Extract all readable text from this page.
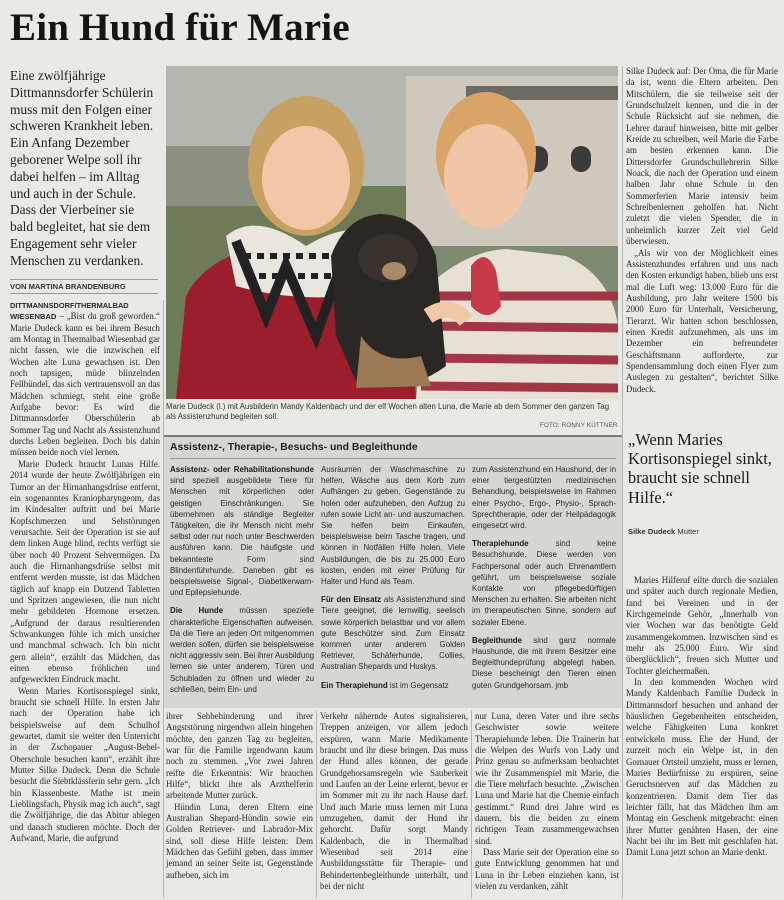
Ein Hund für Marie
Eine zwölfjährige Dittmannsdorfer Schülerin muss mit den Folgen einer schweren Krankheit leben. Ein Anfang Dezember geborener Welpe soll ihr dabei helfen – im Alltag und auch in der Schule. Dass der Vierbeiner sie bald begleitet, hat sie dem Engagement sehr vieler Menschen zu verdanken.
VON MARTINA BRANDENBURG

DITTMANNSDORF/THERMALBAD
WIESENBAD – „Bist du groß geworden.“ Marie Dudeck kann es bei ihrem Besuch am Montag in Thermalbad Wiesenbad gar nicht fassen, wie die inzwischen elf Wochen alte Luna gewachsen ist. Den noch tapsigen, müde blinzelnden Fellbündel, das sich vertrauensvoll an das Mädchen schmiegt, steht eine große Aufgabe bevor: Es wird die Dittmannsdorfer Oberschülerin ab Sommer Tag und Nacht als Assistenzhund durchs Leben begleiten. Doch bis dahin müssen beide noch viel lernen.

Marie Dudeck braucht Lunas Hilfe. 2014 wurde der heute Zwölfjährigen ein Tumor an der Hirnanhangsdrüse entfernt, ein sogenanntes Kraniopharyngeom, das im Kindesalter auftritt und bei Marie Kopfschmerzen und Sehstörungen verursachte. Seit der Operation ist sie auf dem linken Auge blind, rechts verfügt sie über noch 40 Prozent Sehvermögen. Da auch die Hirnanhangsdrüse selbst mit entfernt werden musste, ist das Mädchen täglich auf knapp ein Dutzend Tabletten und Spritzen angewiesen, die nun nicht mehr gebildeten Hormone ersetzen. „Aufgrund der daraus resultierenden Schwankungen fühle ich mich unsicher und manchmal schwach. Ich bin nicht gern allein“, erzählt das Mädchen, das einen ebenso fröhlichen und aufgeweckten Eindruck macht.

Wenn Maries Kortisonspiegel sinkt, braucht sie schnell Hilfe. In ersten Jahr nach der Operation habe ich beispielsweise auf dem Schulhof gewartet, damit sie weiter den Unterricht in der Zschopauer „August-Bebel-Oberschule besuchen kann“, erzählt ihre Mutter Silke Dudeck. Denn die Schule besucht die Siebtklässlerin sehr gern. „Ich bin Klassenbeste. Mathe ist mein Lieblingsfach, Physik mag ich auch“, sagt die Zwölfjährige, die das Abitur ablegen und danach studieren möchte. Doch der Aufwand, Marie, die aufgrund

Marie Dudeck (l.) mit Ausbilderin Mandy Kaldenbach und der elf Wochen alten Luna, die Marie ab dem Sommer den ganzen Tag als Assistenzhund begleiten soll.
FOTO: RONNY KÜTTNER

Silke Dudeck auf: Der Oma, die für Marie da ist, wenn die Eltern arbeiten. Den Mitschülern, die sie teilweise seit der Grundschulzeit kennen, und die in der Schule Rücksicht auf sie nehmen, die Lehrer darauf hinweisen, bitte mit gelber Kreide zu schreiben, weil Marie die Farbe am besten erkennen kann. Die Dittersdorfer Grundschullehrerin Silke Noack, die nach der Operation und einem halben Jahr ohne Schule in den Sommerferien Marie intensiv beim Schreibenlernen geholfen hat. Nicht zuletzt die vielen Spender, die in unheimlich kurzer Zeit viel Geld überwiesen.

„Als wir von der Möglichkeit eines Assistenzhundes erfahren und uns nach den Kosten erkundigt haben, blieb uns erst mal die Luft weg: 13.000 Euro für die Ausbildung, pro Jahr weitere 1500 bis 2000 Euro für Unterhalt, Versicherung, Tierarzt. Wir hatten schon beschlossen, einen Kredit aufzunehmen, als uns im Dezember ein befreundeter Geschäftsmann aufforderte, zur Spendensammlung doch einen Flyer zum Auslegen zu gestalten“, berichtet Silke Dudeck.

Assistenz-, Therapie-, Besuchs- und Begleithunde

Assistenz- oder Rehabilitationshunde sind speziell ausgebildete Tiere für Menschen mit körperlichen oder geistigen Einschränkungen. Sie übernehmen als ständige Begleiter Tätigkeiten, die ihr Mensch nicht mehr selbst oder nur noch unter Beschwerden ausführen kann. Die häufigste und bekannteste Form sind Blindenführhunde. Daneben gibt es beispielsweise Signal-, Diabetikerwarn- und Epilepsiehunde.

Die Hunde müssen spezielle charakterliche Eigenschaften aufweisen. Da die Tiere an jeden Ort mitgenommen werden sollen, dürfen sie beispielsweise nicht aggressiv sein. Bei ihrer Ausbildung lernen sie unter anderem, Türen und Schubladen zu öffnen und wieder zu schließen, beim Ein- und

Ausräumen der Waschmaschine zu helfen, Wäsche aus dem Korb zum Aufhängen zu geben, Gegenstände zu holen oder aufzuheben, den Aufzug zu rufen sowie Licht an- und auszumachen. Sie helfen beim Einkaufen, beispielsweise beim Tasche tragen, und können in Notfällen Hilfe holen. Viele Ausbildungen, die bis zu 25.000 Euro kosten, enden mit einer Prüfung für Halter und Hund als Team.

Für den Einsatz als Assistenzhund sind Tiere geeignet, die lernwillig, seelisch sowie körperlich belastbar und vor allem gute Beschützer sind. Zum Einsatz kommen unter anderem Golden Retriever, Schäferhunde, Collies, Australian Shepards und Huskys.

Ein Therapiehund ist im Gegensatz

zum Assistenzhund ein Haushund, der in einer tiergestützten medizinischen Behandlung, beispielsweise im Rahmen einer Psycho-, Ergo-, Physio-, Sprach-Sprechtherapie, oder der Heilpädagogik eingesetzt wird.

Therapiehunde sind keine Besuchshunde. Diese werden von Fachpersonal oder auch Ehrenamtlern geführt, um beispielsweise soziale Kontakte von pflegebedürftigen Menschen zu erhalten. Sie arbeiten nicht im therapeutischen Sinne, sondern auf sozialer Ebene.

Begleithunde sind ganz normale Haushunde, die mit ihrem Besitzer eine Begleithundeprüfung abgelegt haben. Diese bescheinigt den Tieren einen guten Grundgehorsam. jmb

„Wenn Maries Kortisonspiegel sinkt, braucht sie schnell Hilfe.“
Silke Dudeck Mutter

Maries Hilferuf eilte durch die sozialen und später auch durch regionale Medien, fand bei Vereinen und in der Kirchgemeinde Gehör, „Innerhalb von vier Wochen war das benötigte Geld zusammengekommen. Inzwischen sind es mehr als 25.000 Euro. Wir sind überglücklich“, freuen sich Mutter und Tochter gleichermaßen.

In den kommenden Wochen wird Mandy Kaldenbach Familie Dudeck in Dittmannsdorf besuchen und anhand der häuslichen Gegebenheiten entscheiden, welche Fähigkeiten Luna konkret entwickeln muss. Ehe der Hund, der zurzeit noch ein Welpe ist, in den Gornauer Ortsteil umzieht, muss er lernen, Maries Bedürfnisse zu erspüren, seine Geruchsnerven auf das Mädchen zu konzentrieren. Damit dem Tier das leichter fällt, hat das Mädchen ihm am Montag ein Geschenk mitgebracht: einen ihrer Mutter genähten Hasen, der eine Nacht bei ihr im Bett mit geschlafen hat. Damit Luna jetzt schon an Marie denkt.

ihrer Sehbehinderung und ihrer Angststörung nirgendwo allein hingehen möchte, den ganzen Tag zu begleiten, war für die Familie irgendwann kaum noch zu stemmen. „Vor zwei Jahren reifte die Erkenntnis: Wir brauchen Hilfe“, blickt ihre als Arzthelferin arbeitende Mutter zurück.

Hündin Luna, deren Eltern eine Australian Shepard-Hündin sowie ein Golden Retriever- und Labrador-Mix sind, soll diese Hilfe leisten: Dem Mädchen das Gefühl geben, dass immer jemand an seiner Seite ist, Gegenstände aufheben, sich im

Verkehr nähernde Autos signalisieren, Treppen anzeigen, vor allem jedoch erspüren, wann Marie Medikamente braucht und ihr diese bringen. Das muss der Hund alles können, der gerade Grundgehorsamsregeln wie Sauberkeit und Laufen an der Leine erlernt, bevor er im Sommer mit zu ihr nach Hause darf. Und auch Marie muss lernen mit Luna umzugehen, damit der Hund ihr gehorcht. Dafür sorgt Mandy Kaldenbach, die in Thermalbad Wiesenbad seit 2014 eine Ausbildungsstätte für Therapie- und Behindertenbegleithunde unterhält, und bei der nicht

nur Luna, deren Vater und ihre sechs Geschwister sowie weitere Therapiehunde leben. Die Trainerin hat die Welpen des Wurfs von Lady und Prinz genau so aufmerksam beobachtet wie ihr Zusammenspiel mit Marie, die die Tiere mehrfach besuchte. „Zwischen Luna und Marie hat die Chemie einfach gestimmt.“ Rund drei Jahre wird es dauern, bis die beiden zu einem richtigen Team zusammengewachsen sind.

Dass Marie seit der Operation eine so gute Entwicklung genommen hat und Luna in ihr Leben einziehen kann, ist vielen zu verdanken, zählt
